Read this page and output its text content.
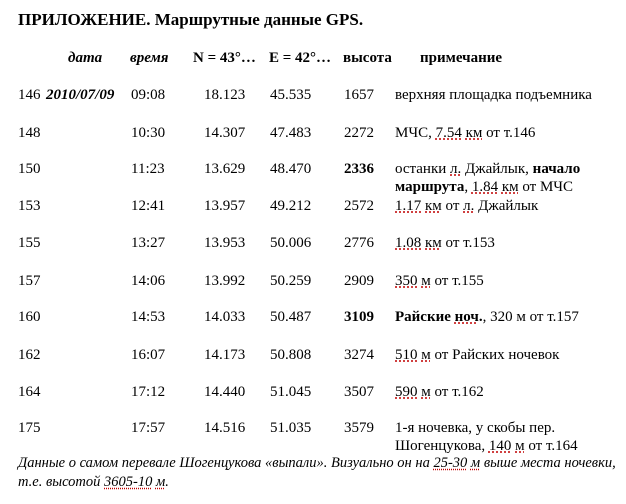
ПРИЛОЖЕНИЕ. Маршрутные данные GPS.
дата время N = 43°… E = 42°… высота примечание
146 2010/07/09 09:08	18.123 45.535 1657 верхняя площадка подъемника
148	10:30	14.307 47.483 2272 МЧС, 7.54 км от т.146
150	11:23	13.629 48.470 2336 останки л. Джайлык, начало маршрута, 1.84 км от МЧС
153	12:41	13.957 49.212 2572 1.17 км от л. Джайлык
155	13:27	13.953 50.006 2776 1.08 км от т.153
157	14:06	13.992 50.259 2909 350 м от т.155
160	14:53	14.033 50.487 3109 Райские ноч., 320 м от т.157
162	16:07	14.173 50.808 3274 510 м от Райских ночевок
164	17:12	14.440 51.045 3507 590 м от т.162
175	17:57	14.516 51.035 3579 1-я ночевка, у скобы пер. Шогенцукова, 140 м от т.164
Данные о самом перевале Шогенцукова «выпали». Визуально он на 25-30 м выше места ночевки, т.е. высотой 3605-10 м.
